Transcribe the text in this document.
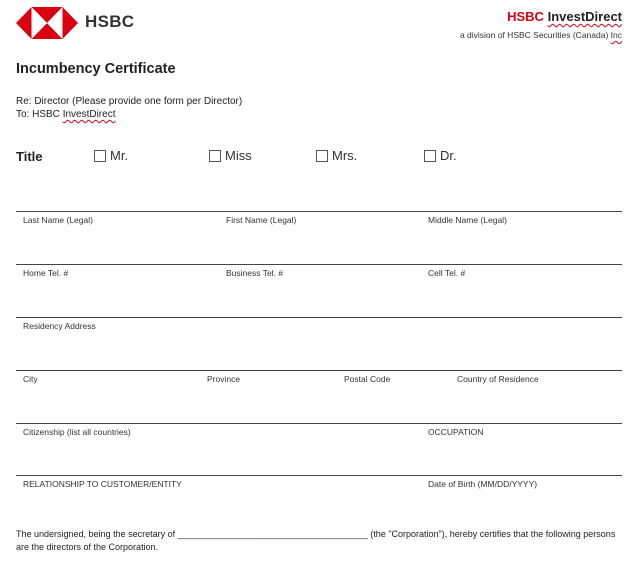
HSBC	HSBC InvestDirect
a division of HSBC Securities (Canada) Inc
Incumbency Certificate
Re: Director (Please provide one form per Director)
To: HSBC InvestDirect
Title	Mr.	Miss	Mrs.	Dr.
Last Name (Legal)	First Name (Legal)	Middle Name (Legal)
Home Tel. #	Business Tel. #	Cell Tel. #
Residency Address
City	Province	Postal Code	Country of Residence
Citizenship (list all countries)	OCCUPATION
RELATIONSHIP TO CUSTOMER/ENTITY	Date of Birth (MM/DD/YYYY)
The undersigned, being the secretary of ______________________________________ (the "Corporation"), hereby certifies that the following persons are the directors of the Corporation.
